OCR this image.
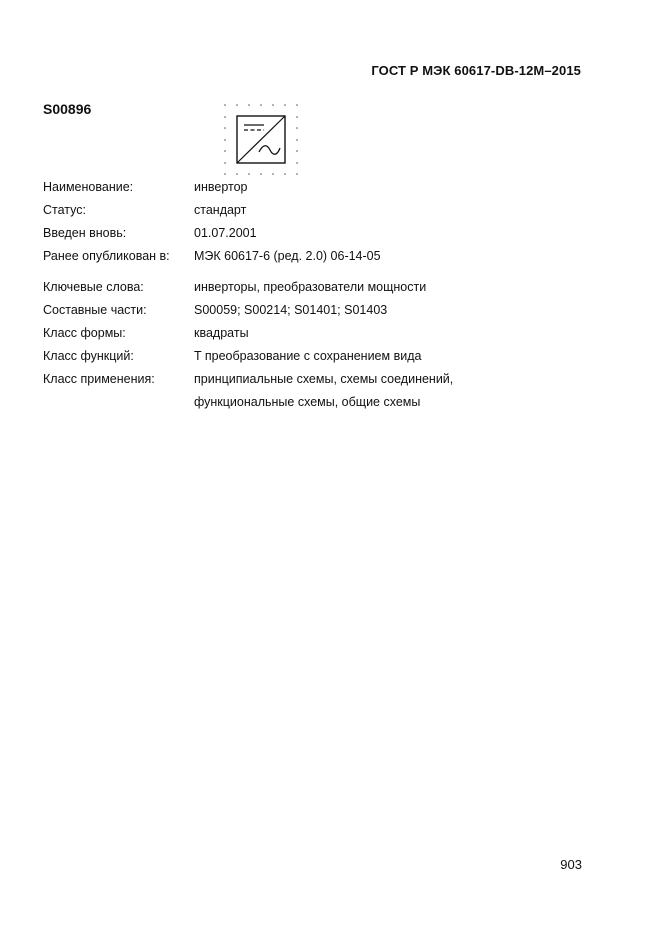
ГОСТ Р МЭК 60617-DB-12M–2015
S00896
Наименование:	инвертор
Статус:	стандарт
Введен вновь:	01.07.2001
Ранее опубликован в:	МЭК 60617-6 (ред. 2.0) 06-14-05
Ключевые слова:	инверторы, преобразователи мощности
Составные части:	S00059; S00214; S01401; S01403
Класс формы:	квадраты
Класс функций:	T преобразование с сохранением вида
Класс применения:	принципиальные схемы, схемы соединений,
функциональные схемы, общие схемы
903
